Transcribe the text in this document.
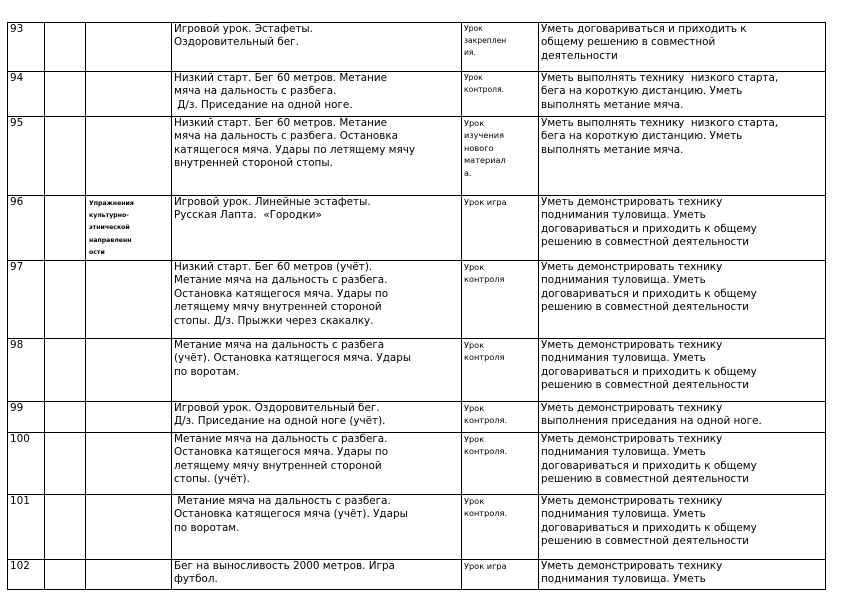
93			Игровой урок. Эстафеты.
Оздоровительный бег.	Урок
закреплен
ия.	Уметь договариваться и приходить к
общему решению в совместной
деятельности

94			Низкий старт. Бег 60 метров. Метание
мяча на дальность с разбега.
Д/з. Приседание на одной ноге.	Урок
контроля.	Уметь выполнять технику  низкого старта,
бега на короткую дистанцию. Уметь
выполнять метание мяча.

95			Низкий старт. Бег 60 метров. Метание
мяча на дальность с разбега. Остановка
катящегося мяча. Удары по летящему мячу
внутренней стороной стопы.	Урок
изучения
нового
материал
а.	Уметь выполнять технику  низкого старта,
бега на короткую дистанцию. Уметь
выполнять метание мяча.

96		Упражнения
культурно-
этнической
направленн
ости	Игровой урок. Линейные эстафеты.
Русская Лапта.  «Городки»	Урок игра	Уметь демонстрировать технику
поднимания туловища. Уметь
договариваться и приходить к общему
решению в совместной деятельности

97			Низкий старт. Бег 60 метров (учёт).
Метание мяча на дальность с разбега.
Остановка катящегося мяча. Удары по
летящему мячу внутренней стороной
стопы. Д/з. Прыжки через скакалку.	Урок
контроля	Уметь демонстрировать технику
поднимания туловища. Уметь
договариваться и приходить к общему
решению в совместной деятельности

98			Метание мяча на дальность с разбега
(учёт). Остановка катящегося мяча. Удары
по воротам.	Урок
контроля	Уметь демонстрировать технику
поднимания туловища. Уметь
договариваться и приходить к общему
решению в совместной деятельности

99			Игровой урок. Оздоровительный бег.
Д/з. Приседание на одной ноге (учёт).	Урок
контроля.	Уметь демонстрировать технику
выполнения приседания на одной ноге.

100			Метание мяча на дальность с разбега.
Остановка катящегося мяча. Удары по
летящему мячу внутренней стороной
стопы. (учёт).	Урок
контроля.	Уметь демонстрировать технику
поднимания туловища. Уметь
договариваться и приходить к общему
решению в совместной деятельности

101			Метание мяча на дальность с разбега.
Остановка катящегося мяча (учёт). Удары
по воротам.	Урок
контроля.	Уметь демонстрировать технику
поднимания туловища. Уметь
договариваться и приходить к общему
решению в совместной деятельности

102			Бег на выносливость 2000 метров. Игра
футбол.	Урок игра	Уметь демонстрировать технику
поднимания туловища. Уметь
